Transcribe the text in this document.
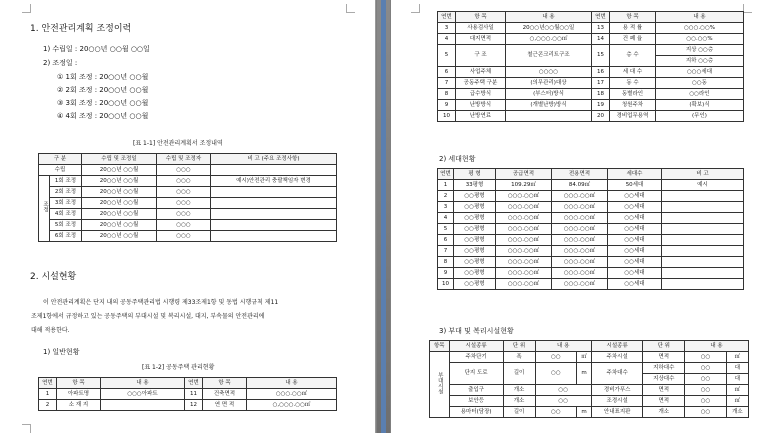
1. 안전관리계획 조정이력
1) 수립일 : 20○○년 ○○월 ○○일
2) 조정일 :
① 1회 조정 : 20○○년 ○○월
② 2회 조정 : 20○○년 ○○월
③ 3회 조정 : 20○○년 ○○월
④ 4회 조정 : 20○○년 ○○월
[표 1-1] 안전관리계획서 조정내역
구 분		수립 및 조정일	수립 및 조정자	비 고 (주요 조정사항)
수립		20○○년 ○○월	○○○	
조정	1회 조정	20○○년 ○○월	○○○	예시)안전관리 충괄책임자 변경
	2회 조정	20○○년 ○○월	○○○	
	3회 조정	20○○년 ○○월	○○○	
	4회 조정	20○○년 ○○월	○○○	
	5회 조정	20○○년 ○○월	○○○	
	6회 조정	20○○년 ○○월	○○○	
2. 시설현황
이 안전관리계획은 단지 내의 공동주택관리법 시행령 제33조제1항 및 동법 시행규칙 제11
조제1항에서 규정하고 있는 공동주택의 부대시설 및 복리시설, 대지, 부속물의 안전관리에
대해 적용한다.
1) 일반현황
[표 1-2] 공동주택 관리현황
연번	항 목	내 용	연번	항 목	내 용
1	아파트명	○○○아파트	11	건축면적	○○○.○○㎡
2	소 재 지		12	연 면 적	○,○○○.○○㎡
연번	항 목	내 용	연번	항 목	내 용
3	사용검사일	20○○년○○월○○일	13	용 적 률	○○○.○○%
4	대지면적	○,○○○.○○㎡	14	건 폐 율	○○.○○%
5	구 조	철근콘크리트구조	15	층 수	지상 ○○층
					지하 ○○층
6	사업주체	○○○○	16	세 대 수	○○○세대
7	공동주택 구분	(의무관리)대상	17	동 수	○○동
8	급수방식	(부스터)방식	18	동별라인	○○라인
9	난방방식	(개별난방)방식	19	청원주차	(확보)식
10	난방연료		20	경비업무용역	(무인)
2) 세대현황
연번	평 형	공급면적	전용면적	세대수	비 고
1	33평형	109.29㎡	84.09㎡	50세대	예시
2	○○평형	○○○.○○㎡	○○○.○○㎡	○○세대	
3	○○평형	○○○.○○㎡	○○○.○○㎡	○○세대	
4	○○평형	○○○.○○㎡	○○○.○○㎡	○○세대	
5	○○평형	○○○.○○㎡	○○○.○○㎡	○○세대	
6	○○평형	○○○.○○㎡	○○○.○○㎡	○○세대	
7	○○평형	○○○.○○㎡	○○○.○○㎡	○○세대	
8	○○평형	○○○.○○㎡	○○○.○○㎡	○○세대	
9	○○평형	○○○.○○㎡	○○○.○○㎡	○○세대	
10	○○평형	○○○.○○㎡	○○○.○○㎡	○○세대	
3) 부대 및 복리시설현황
항목	시설종류	단 위	내 용		시설종류	단 위	내 용	
부대시설	주차단기	폭	○○	㎡	주차시설	면적	○○	㎡
	단지 도로	길이	○○	m	주차대수	지하대수	○○	대
						지상대수	○○	대
	출입구	개소	○○		경비가푸스	면적	○○	㎡
	보안등	개소	○○		조경시설	면적	○○	㎡
	용마터(담장)	길이	○○	m	안내표지판	개소	○○	개소
